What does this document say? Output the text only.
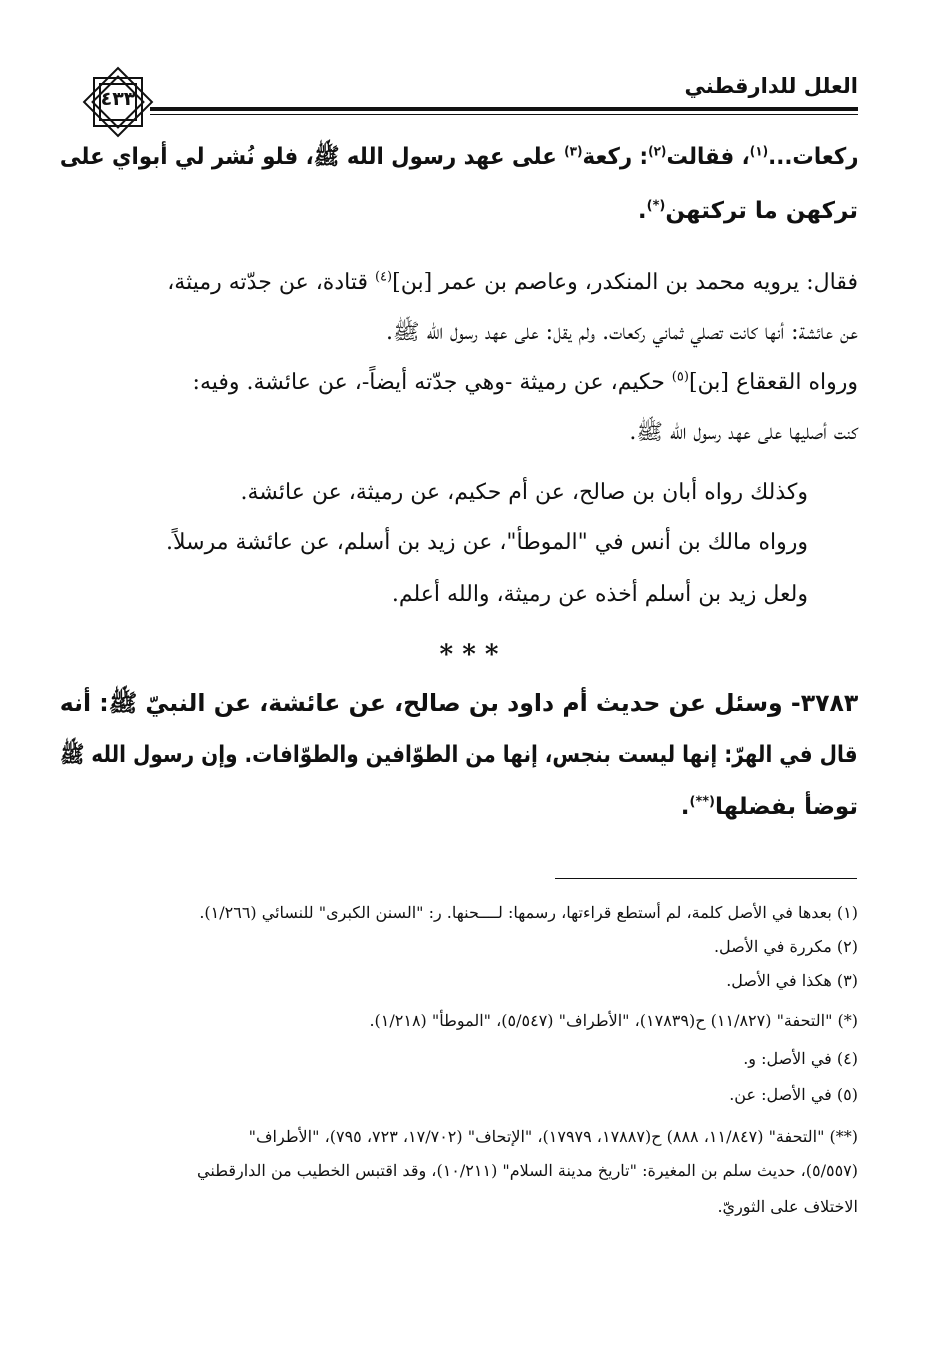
العلل للدارقطني
٤٣٣
ركعات...$^{(١)}$، فقالت$^{(٢)}$: ركعة$^{(٣)}$ على عهد رسول الله ﷺ، فلو نُشر لي أبواي على
تركهن ما تركتهن(*).
فقال: يرويه محمد بن المنكدر، وعاصم بن عمر [بن]$^{(٤)}$ قتادة، عن جدّته رميثة،
عن عائشة: أنها كانت تصلي ثماني ركعات. ولم يقل: على عهد رسول الله ﷺ.
ورواه القعقاع [بن]$^{(٥)}$ حكيم، عن رميثة -وهي جدّته أيضاً-، عن عائشة. وفيه:
كنت أصليها على عهد رسول الله ﷺ.
وكذلك رواه أبان بن صالح، عن أم حكيم، عن رميثة، عن عائشة.
ورواه مالك بن أنس في "الموطأ"، عن زيد بن أسلم، عن عائشة مرسلاً.
ولعل زيد بن أسلم أخذه عن رميثة، والله أعلم.
* * *
٣٧٨٣- وسئل عن حديث أم داود بن صالح، عن عائشة، عن النبيّ ﷺ: أنه
قال في الهرّ: إنها ليست بنجس، إنها من الطوّافين والطوّافات. وإن رسول الله ﷺ
توضأ بفضلها(**).
(١) بعدها في الأصل كلمة، لم أستطع قراءتها، رسمها: لــــحنها. ر: "السنن الكبرى" للنسائي (١/٢٦٦).
(٢) مكررة في الأصل.
(٣) هكذا في الأصل.
(*) "التحفة" (١١/٨٢٧) ح(١٧٨٣٩)، "الأطراف" (٥/٥٤٧)، "الموطأ" (١/٢١٨).
(٤) في الأصل: و.
(٥) في الأصل: عن.
(**) "التحفة" (١١/٨٤٧، ٨٨٨) ح(١٧٨٨٧، ١٧٩٧٩)، "الإتحاف" (١٧/٧٠٢، ٧٢٣، ٧٩٥)، "الأطراف"
(٥/٥٥٧)، حديث سلم بن المغيرة: "تاريخ مدينة السلام" (١٠/٢١١)، وقد اقتبس الخطيب من الدارقطني
الاختلاف على الثوريّ.
